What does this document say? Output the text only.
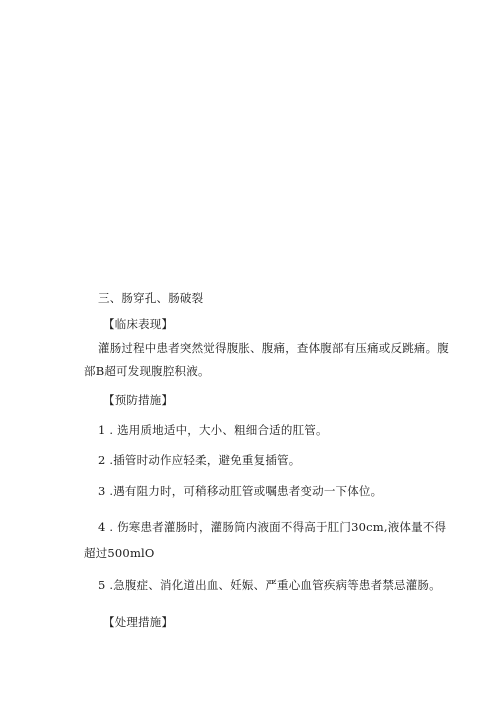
三、肠穿孔、肠破裂
【临床表现】
灌肠过程中患者突然觉得腹胀、腹痛，查体腹部有压痛或反跳痛。腹
部B超可发现腹腔积液。
【预防措施】
1 . 选用质地适中，大小、粗细合适的肛管。
2 .插管时动作应轻柔，避免重复插管。
3 .遇有阻力时，可稍移动肛管或嘱患者变动一下体位。
4 . 伤寒患者灌肠时，灌肠筒内液面不得高于肛门30cm,液体量不得
超过500mlO
5 .急腹症、消化道出血、妊娠、严重心血管疾病等患者禁忌灌肠。
【处理措施】
